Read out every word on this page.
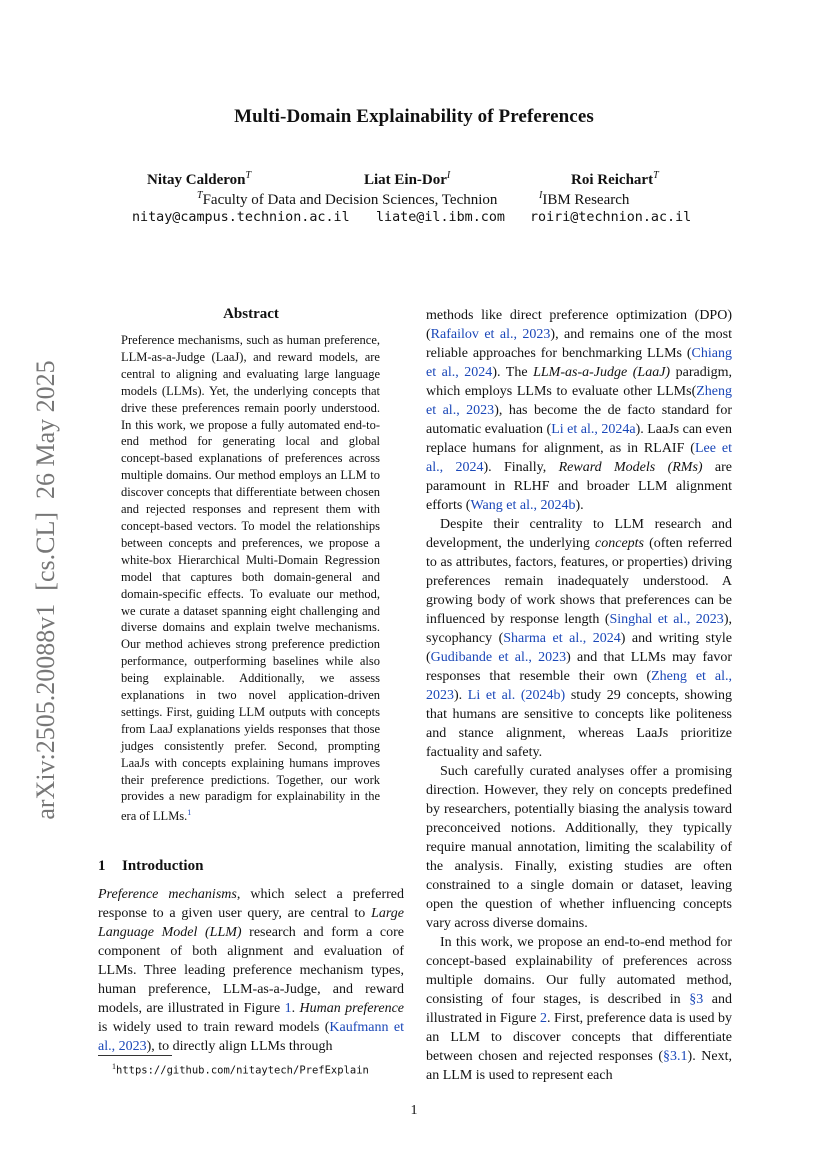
Multi-Domain Explainability of Preferences
Nitay Calderon$^T$	Liat Ein-Dor$^I$	Roi Reichart$^T$
$^T$Faculty of Data and Decision Sciences, Technion	$^I$IBM Research
nitay@campus.technion.ac.il liate@il.ibm.com roiri@technion.ac.il
arXiv:2505.20088v1  [cs.CL]  26 May 2025
Abstract

Preference mechanisms, such as human preference, LLM-as-a-Judge (LaaJ), and reward models, are central to aligning and evaluating large language models (LLMs). Yet, the underlying concepts that drive these preferences remain poorly understood. In this work, we propose a fully automated end-to-end method for generating local and global concept-based explanations of preferences across multiple domains. Our method employs an LLM to discover concepts that differentiate between chosen and rejected responses and represent them with concept-based vectors. To model the relationships between concepts and preferences, we propose a white-box Hierarchical Multi-Domain Regression model that captures both domain-general and domain-specific effects. To evaluate our method, we curate a dataset spanning eight challenging and diverse domains and explain twelve mechanisms. Our method achieves strong preference prediction performance, outperforming baselines while also being explainable. Additionally, we assess explanations in two novel application-driven settings. First, guiding LLM outputs with concepts from LaaJ explanations yields responses that those judges consistently prefer. Second, prompting LaaJs with concepts explaining humans improves their preference predictions. Together, our work provides a new paradigm for explainability in the era of LLMs.$^1$

1 Introduction

Preference mechanisms, which select a preferred response to a given user query, are central to Large Language Model (LLM) research and form a core component of both alignment and evaluation of LLMs. Three leading preference mechanism types, human preference, LLM-as-a-Judge, and reward models, are illustrated in Figure 1. Human preference is widely used to train reward models (Kaufmann et al., 2023), to directly align LLMs through

methods like direct preference optimization (DPO) (Rafailov et al., 2023), and remains one of the most reliable approaches for benchmarking LLMs (Chiang et al., 2024). The LLM-as-a-Judge (LaaJ) paradigm, which employs LLMs to evaluate other LLMs(Zheng et al., 2023), has become the de facto standard for automatic evaluation (Li et al., 2024a). LaaJs can even replace humans for alignment, as in RLAIF (Lee et al., 2024). Finally, Reward Models (RMs) are paramount in RLHF and broader LLM alignment efforts (Wang et al., 2024b).

Despite their centrality to LLM research and development, the underlying concepts (often referred to as attributes, factors, features, or properties) driving preferences remain inadequately understood. A growing body of work shows that preferences can be influenced by response length (Singhal et al., 2023), sycophancy (Sharma et al., 2024) and writing style (Gudibande et al., 2023) and that LLMs may favor responses that resemble their own (Zheng et al., 2023). Li et al. (2024b) study 29 concepts, showing that humans are sensitive to concepts like politeness and stance alignment, whereas LaaJs prioritize factuality and safety.

Such carefully curated analyses offer a promising direction. However, they rely on concepts predefined by researchers, potentially biasing the analysis toward preconceived notions. Additionally, they typically require manual annotation, limiting the scalability of the analysis. Finally, existing studies are often constrained to a single domain or dataset, leaving open the question of whether influencing concepts vary across diverse domains.

In this work, we propose an end-to-end method for concept-based explainability of preferences across multiple domains. Our fully automated method, consisting of four stages, is described in §3 and illustrated in Figure 2. First, preference data is used by an LLM to discover concepts that differentiate between chosen and rejected responses (§3.1). Next, an LLM is used to represent each

$^1$https://github.com/nitaytech/PrefExplain
1
